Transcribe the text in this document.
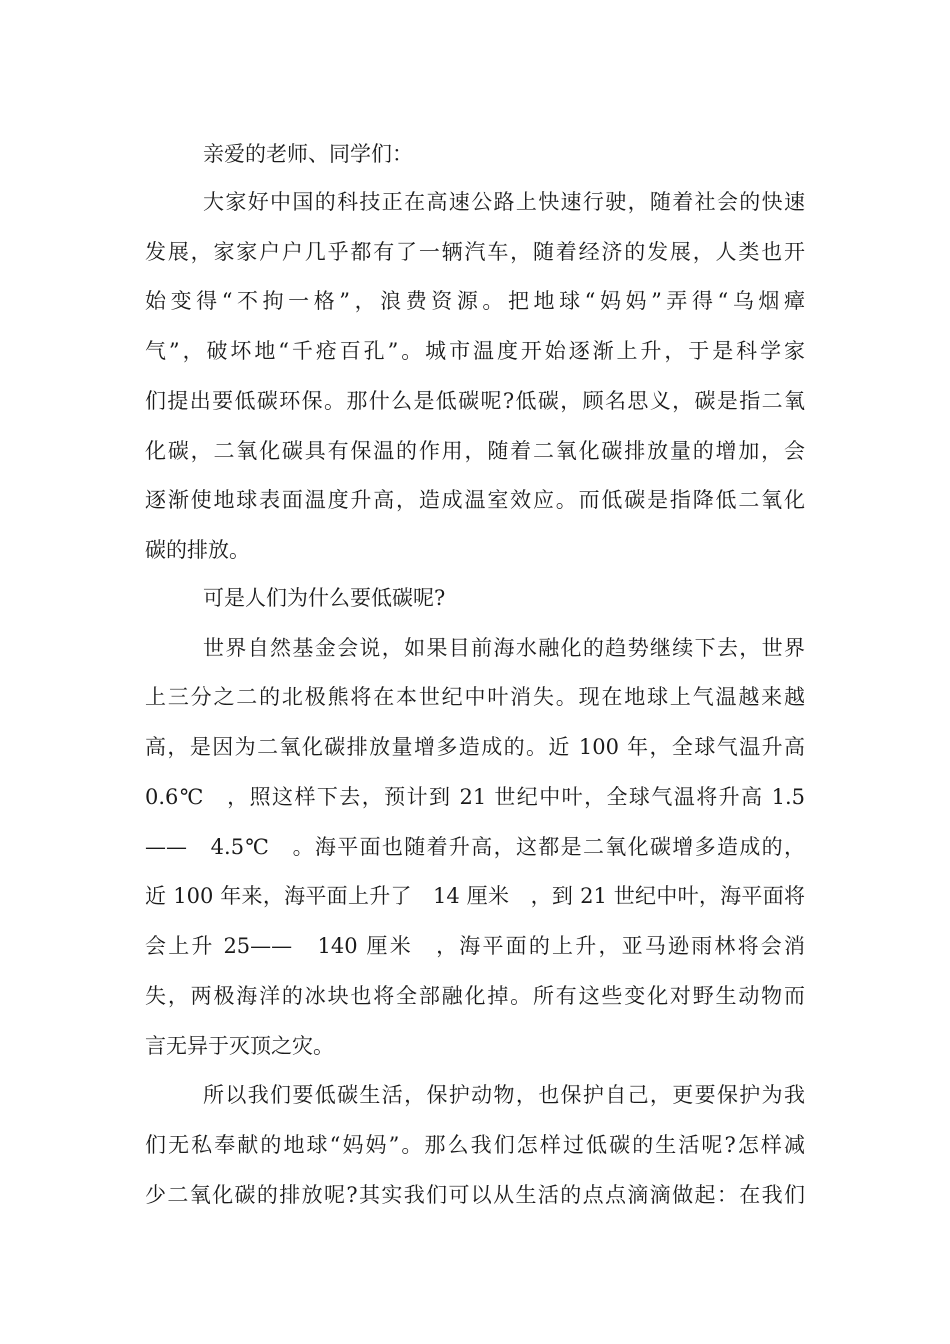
亲爱的老师、同学们：
大家好中国的科技正在高速公路上快速行驶，随着社会的快速
发展，家家户户几乎都有了一辆汽车，随着经济的发展，人类也开
始变得“不拘一格”，浪费资源。把地球“妈妈”弄得“乌烟瘴
气”，破坏地“千疮百孔”。城市温度开始逐渐上升，于是科学家
们提出要低碳环保。那什么是低碳呢?低碳，顾名思义，碳是指二氧
化碳，二氧化碳具有保温的作用，随着二氧化碳排放量的增加，会
逐渐使地球表面温度升高，造成温室效应。而低碳是指降低二氧化
碳的排放。
可是人们为什么要低碳呢?
世界自然基金会说，如果目前海水融化的趋势继续下去，世界
上三分之二的北极熊将在本世纪中叶消失。现在地球上气温越来越
高，是因为二氧化碳排放量增多造成的。近 100 年，全球气温升高
0.6℃　，照这样下去，预计到 21 世纪中叶，全球气温将升高 1.5
——　4.5℃　。海平面也随着升高，这都是二氧化碳增多造成的，
近 100 年来，海平面上升了　14 厘米　，到 21 世纪中叶，海平面将
会上升 25——　140 厘米　，海平面的上升，亚马逊雨林将会消
失，两极海洋的冰块也将全部融化掉。所有这些变化对野生动物而
言无异于灭顶之灾。
所以我们要低碳生活，保护动物，也保护自己，更要保护为我
们无私奉献的地球“妈妈”。那么我们怎样过低碳的生活呢?怎样减
少二氧化碳的排放呢?其实我们可以从生活的点点滴滴做起：在我们
